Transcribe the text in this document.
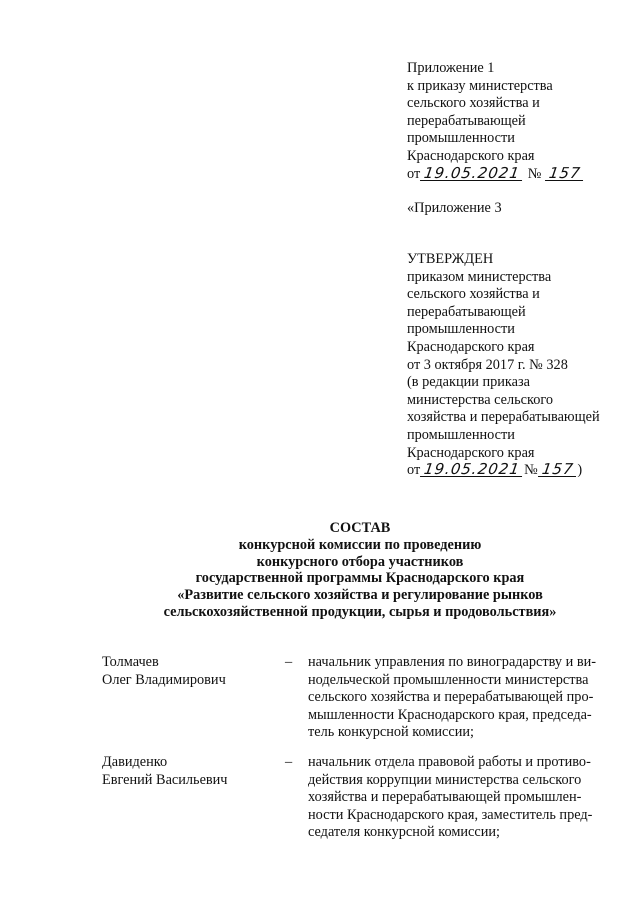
Приложение 1
к приказу министерства
сельского хозяйства и
перерабатывающей
промышленности
Краснодарского края
от 19.05.2021 № 157
«Приложение 3
УТВЕРЖДЕН
приказом министерства
сельского хозяйства и
перерабатывающей
промышленности
Краснодарского края
от 3 октября 2017 г. № 328
(в редакции приказа
министерства сельского
хозяйства и перерабатывающей
промышленности
Краснодарского края
от 19.05.2021 № 157 )
СОСТАВ
конкурсной комиссии по проведению
конкурсного отбора участников
государственной программы Краснодарского края
«Развитие сельского хозяйства и регулирование рынков
сельскохозяйственной продукции, сырья и продовольствия»
Толмачев
Олег Владимирович
– начальник управления по виноградарству и ви-
нодельческой промышленности министерства
сельского хозяйства и перерабатывающей про-
мышленности Краснодарского края, председа-
тель конкурсной комиссии;
Давиденко
Евгений Васильевич
– начальник отдела правовой работы и противо-
действия коррупции министерства сельского
хозяйства и перерабатывающей промышлен-
ности Краснодарского края, заместитель пред-
седателя конкурсной комиссии;
